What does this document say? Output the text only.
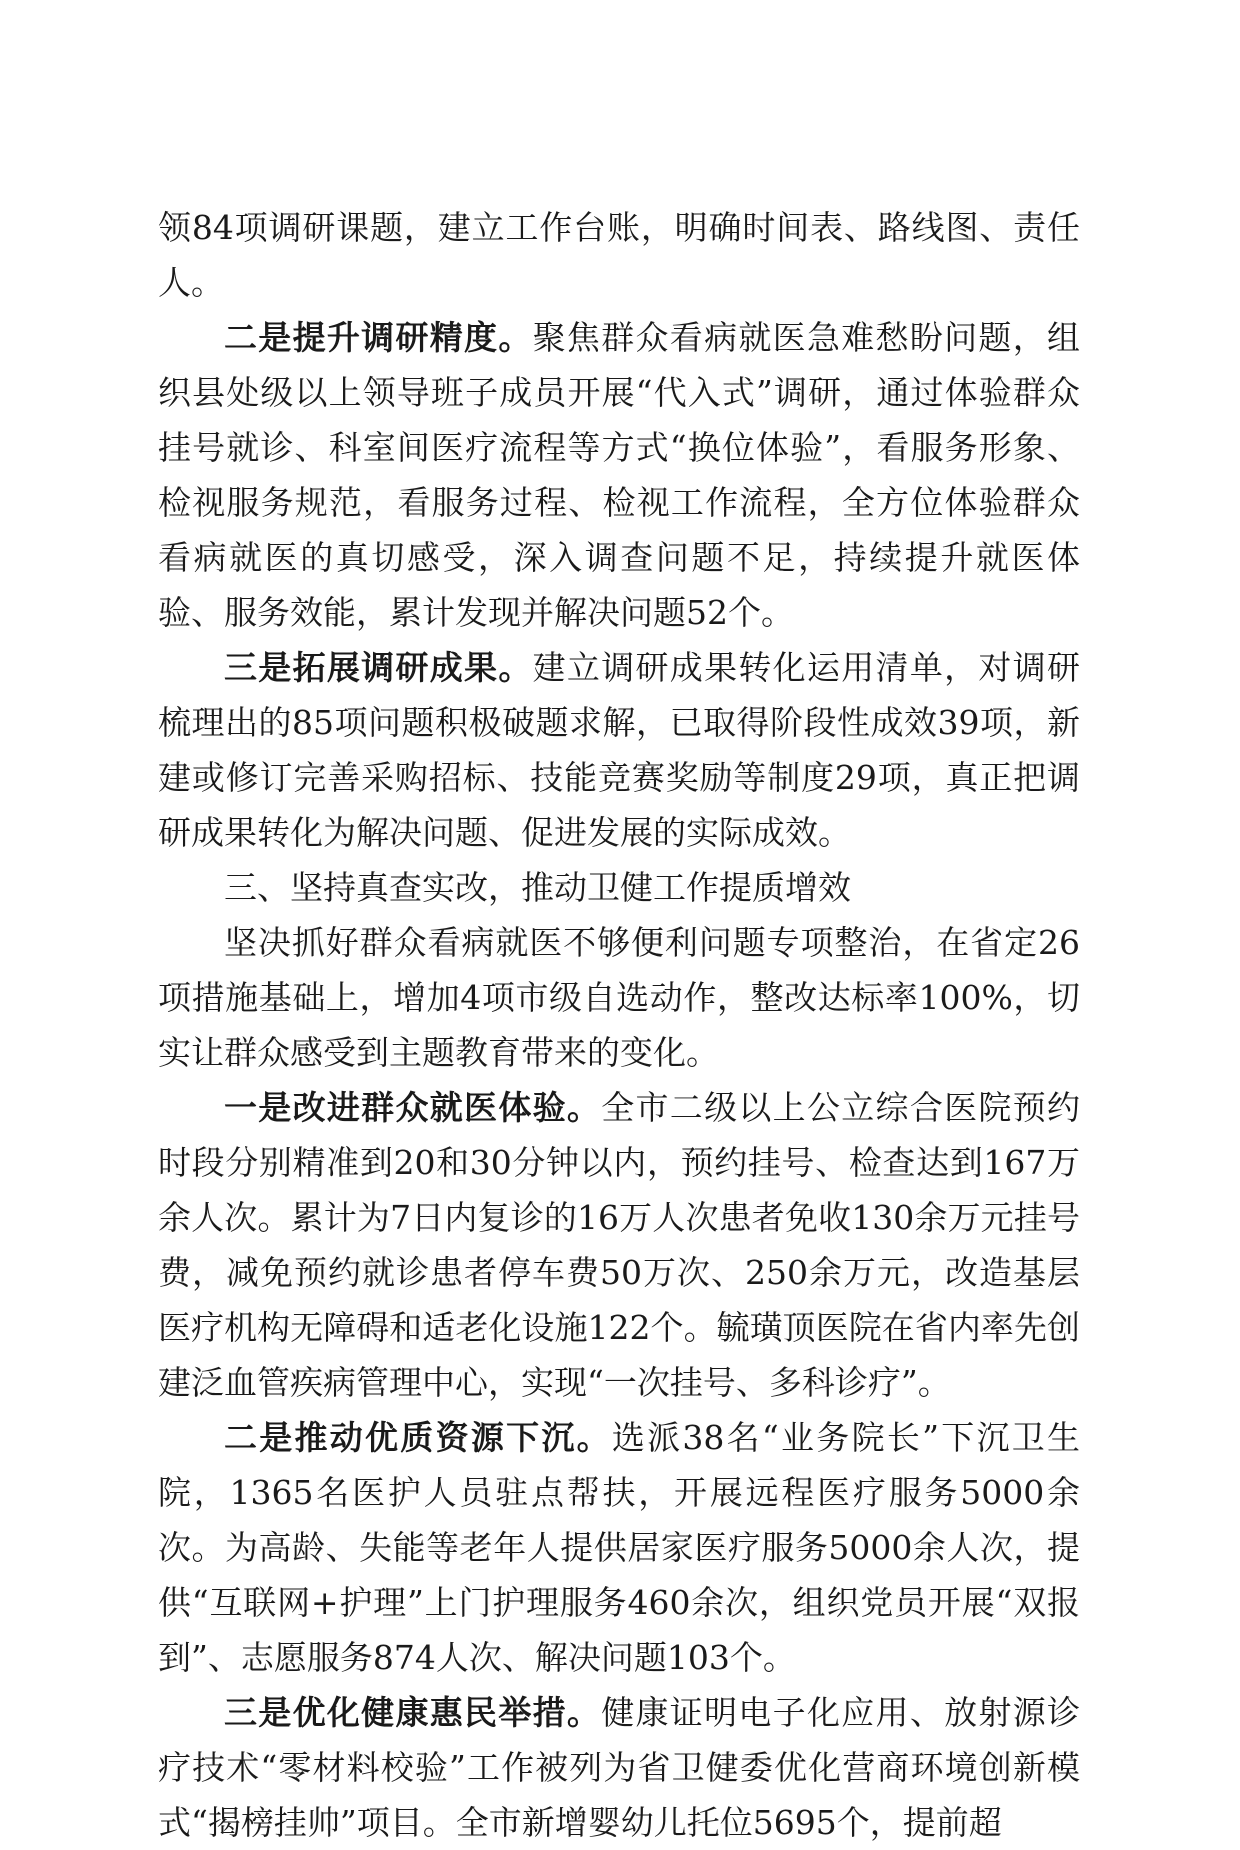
领84项调研课题，建立工作台账，明确时间表、路线图、责任人。

二是提升调研精度。聚焦群众看病就医急难愁盼问题，组织县处级以上领导班子成员开展“代入式”调研，通过体验群众挂号就诊、科室间医疗流程等方式“换位体验”，看服务形象、检视服务规范，看服务过程、检视工作流程，全方位体验群众看病就医的真切感受，深入调查问题不足，持续提升就医体验、服务效能，累计发现并解决问题52个。

三是拓展调研成果。建立调研成果转化运用清单，对调研梳理出的85项问题积极破题求解，已取得阶段性成效39项，新建或修订完善采购招标、技能竞赛奖励等制度29项，真正把调研成果转化为解决问题、促进发展的实际成效。

三、坚持真查实改，推动卫健工作提质增效

坚决抓好群众看病就医不够便利问题专项整治，在省定26项措施基础上，增加4项市级自选动作，整改达标率100%，切实让群众感受到主题教育带来的变化。

一是改进群众就医体验。全市二级以上公立综合医院预约时段分别精准到20和30分钟以内，预约挂号、检查达到167万余人次。累计为7日内复诊的16万人次患者免收130余万元挂号费，减免预约就诊患者停车费50万次、250余万元，改造基层医疗机构无障碍和适老化设施122个。毓璜顶医院在省内率先创建泛血管疾病管理中心，实现“一次挂号、多科诊疗”。

二是推动优质资源下沉。选派38名“业务院长”下沉卫生院，1365名医护人员驻点帮扶，开展远程医疗服务5000余次。为高龄、失能等老年人提供居家医疗服务5000余人次，提供“互联网+护理”上门护理服务460余次，组织党员开展“双报到”、志愿服务874人次、解决问题103个。

三是优化健康惠民举措。健康证明电子化应用、放射源诊疗技术“零材料校验”工作被列为省卫健委优化营商环境创新模式“揭榜挂帅”项目。全市新增婴幼儿托位5695个，提前超
